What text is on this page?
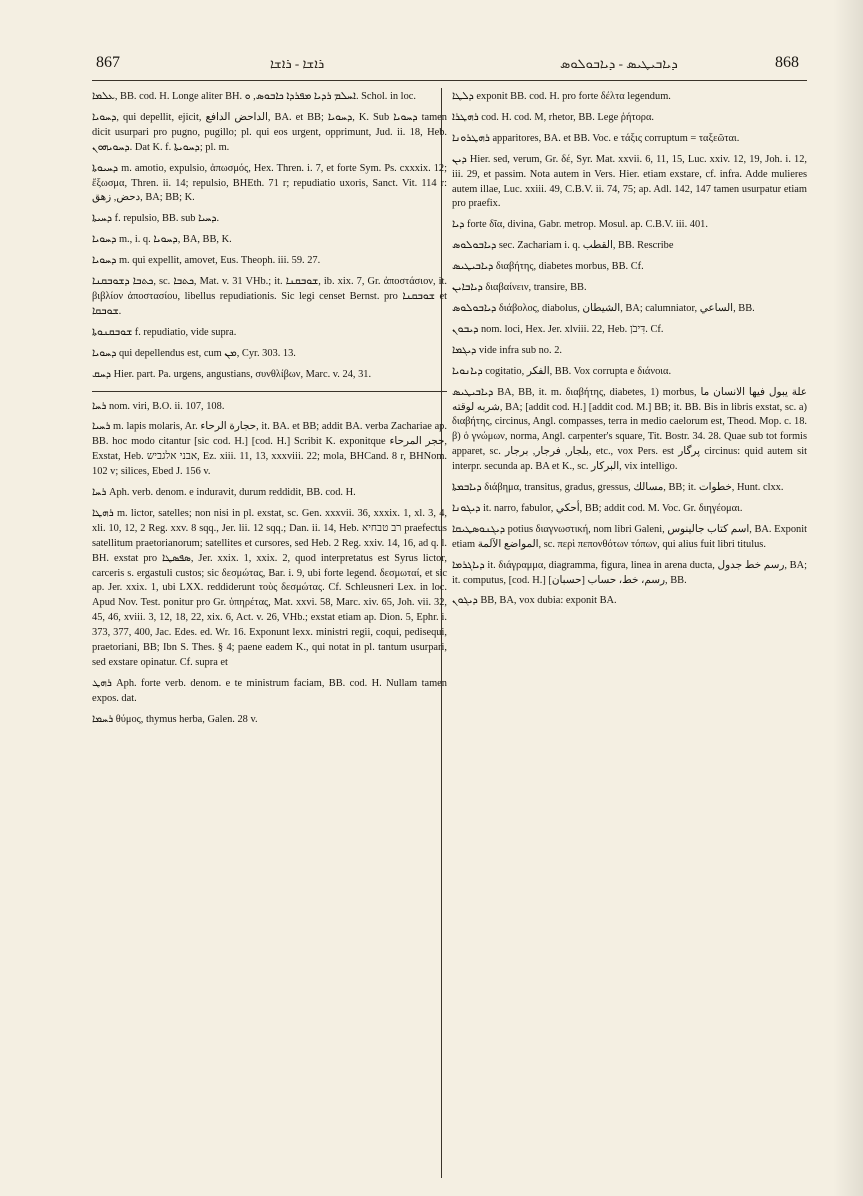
867	ܪܐܫܐ - ܪܐܫܐ	ܕܝܐܒܝܛܝܣ - ܕܝܐܒܘܠܘܣ	868

ܥܠܡܐ, BB. cod. H. Longe aliter BH. ܐܚܠܡ ܪܕܝܐ ܡܦܪܕܐ ܟܐܒܘܣ, ܘ. Schol. in loc.

ܕܚܘܝܐ, qui depellit, ejicit, الداحض الدافع, BA. et BB; ܕܚܘܝܐ, K. Sub ܕܚܘܝܐ tamen dicit usurpari pro pugno, pugillo; pl. qui eos urgent, opprimunt, Jud. ii. 18, Heb. ܕܚܘܝܗܘܢ. Dat K. f. ܕܚܘܝܬܐ; pl. m.

ܕܚܝܘܬܐ m. amotio, expulsio, ἀπωσμός, Hex. Thren. i. 7, et forte Sym. Ps. cxxxix. 12; ἔξωσμα, Thren. ii. 14; repulsio, BHEth. 71 r; repudiatio uxoris, Sanct. Vit. 114 r: دحض, زهق, BA; BB; K.

ܕܚܝܬܐ f. repulsio, BB. sub ܕܚܝܐ.

ܕܚܘܝܐ m., i. q. ܕܚܘܝܐ, BA, BB, K.

ܕܚܘܝܐ m. qui expellit, amovet, Eus. Theoph. iii. 59. 27.

ܟܬܒܐ ܕܫܘܒܩܢܐ, sc. ܟܬܒܐ, Mat. v. 31 VHb.; it. ܫܘܒܩܢܐ, ib. xix. 7, Gr. ἀποστάσιον, it. βιβλίον ἀποστασίου, libellus repudiationis. Sic legi censet Bernst. pro ܫܘܒܩܢܐ et ܫܘܒܩܐ.

ܫܘܒܩܢܘܬܐ f. repudiatio, vide supra.

ܕܚܘܝܐ qui depellendus est, cum ܡܢ, Cyr. 303. 13.

ܕܚܩ Hier. part. Pa. urgens, angustians, συνθλίβων, Marc. v. 24, 31.

ܪܚܐ nom. viri, B.O. ii. 107, 108.

ܪܚܝܐ m. lapis molaris, Ar. حجارة الرحاء, it. BA. et BB; addit BA. verba Zachariae ap. BB. hoc modo citantur [sic cod. H.] [cod. H.] Scribit K. exponitque حجر المرحاء, Exstat, Heb. אבני אלגביש, Ez. xiii. 11, 13, xxxviii. 22; mola, BHCand. 8 r, BHNom. 102 v; silices, Ebed J. 156 v.

ܪܚܐ Aph. verb. denom. e induravit, durum reddidit, BB. cod. H.

ܪܗܛܐ m. lictor, satelles; non nisi in pl. exstat, sc. Gen. xxxvii. 36, xxxix. 1, xl. 3, 4, xli. 10, 12, 2 Reg. xxv. 8 sqq., Jer. lii. 12 sqq.; Dan. ii. 14, Heb. רב טבחיא praefectus satellitum praetorianorum; satellites et cursores, sed Heb. 2 Reg. xxiv. 14, 16, ad q. l. BH. exstat pro ܣܦܣܛܐ, Jer. xxix. 1, xxix. 2, quod interpretatus est Syrus lictor, carceris s. ergastuli custos; sic δεσμώτας, Bar. i. 9, ubi forte legend. δεσμωταί, et sic ap. Jer. xxix. 1, ubi LXX. reddiderunt τοὺς δεσμώτας. Cf. Schleusneri Lex. in loc. Apud Nov. Test. ponitur pro Gr. ὑπηρέτας, Mat. xxvi. 58, Marc. xiv. 65, Joh. vii. 32, 45, 46, xviii. 3, 12, 18, 22, xix. 6, Act. v. 26, VHb.; exstat etiam ap. Dion. 5, Ephr. i. 373, 377, 400, Jac. Edes. ed. Wr. 16. Exponunt lexx. ministri regii, coqui, pedisequi, praetoriani, BB; Ibn S. Thes. § 4; paene eadem K., qui notat in pl. tantum usurpari, sed exstare opinatur. Cf. supra et

ܪܗܛ Aph. forte verb. denom. e te ministrum faciam, BB. cod. H. Nullam tamen expos. dat.

ܪܚܡܐ θύμος, thymus herba, Galen. 28 v.

ܕܠܛܐ exponit BB. cod. H. pro forte δέλτα legendum.

ܪܗܛܪܐ cod. H. cod. M, rhetor, BB. Lege ῥήτορα.

ܪܗܛܪܘܢܐ apparitores, BA. et BB. Voc. e τάξις corruptum = ταξεῶται.

ܕܝܢ Hier. sed, verum, Gr. δέ, Syr. Mat. xxvii. 6, 11, 15, Luc. xxiv. 12, 19, Joh. i. 12, iii. 29, et passim. Nota autem in Vers. Hier. etiam exstare, cf. infra. Adde mulieres autem illae, Luc. xxiii. 49, C.B.V. ii. 74, 75; ap. Adl. 142, 147 tamen usurpatur etiam pro praefix.

ܕܝܐ forte δῖα, divina, Gabr. metrop. Mosul. ap. C.B.V. iii. 401.

ܕܝܐܒܘܠܘܣ sec. Zachariam i. q. القطب, BB. Rescribe

ܕܝܐܒܝܛܝܣ διαβήτης, diabetes morbus, BB. Cf.

ܕܝܐܒܐܝܢ διαβαίνειν, transire, BB.

ܕܝܐܒܘܠܘܣ διάβολος, diabolus, الشيطان, BA; calumniator, الساعي, BB.

ܕܝܒܘܢ nom. loci, Hex. Jer. xlviii. 22, Heb. דִּיבֹן. Cf.

ܕܝܓܡܐ vide infra sub no. 2.

ܕܝܐܢܘܝܐ cogitatio, الفكر, BB. Vox corrupta e διάνοια.

ܕܝܐܒܝܛܝܣ BA, BB, it. m. διαβήτης, diabetes, 1) morbus, علة يبول فيها الانسان ما شربه لوقته, BA; [addit cod. H.] [addit cod. M.] BB; it. BB. Bis in libris exstat, sc. a) διαβήτης, circinus, Angl. compasses, terra in medio caelorum est, Theod. Mop. c. 18. β) ὁ γνώμων, norma, Angl. carpenter's square, Tit. Bostr. 34. 28. Quae sub tot formis apparet, sc. بلجار, فرجار, برجار, etc., vox Pers. est پرگار circinus: quid autem sit interpr. secunda ap. BA et K., sc. البركار, vix intelligo.

ܕܝܐܒܡܬܐ διάβημα, transitus, gradus, gressus, مسالك, BB; it. خطوات, Hunt. clxx.

ܕܝܓܘܢܐ it. narro, fabulor, أحكي, BB; addit cod. M. Voc. Gr. διηγέομαι.

ܕܝܓܢܘܣܛܝܩܐ potius διαγνωστική, nom libri Galeni, اسم كتاب جالينوس, BA. Exponit etiam المواضع الآلمة, sc. περὶ πεπονθότων τόπων, qui alius fuit libri titulus.

ܕܝܐܓܪܡܐ it. διάγραμμα, diagramma, figura, linea in arena ducta, رسم خط جدول, BA; it. computus, [cod. H.] رسم، خط، حساب [حسبان], BB.

ܕܝܓܘܢ BB, BA, vox dubia: exponit BA.
